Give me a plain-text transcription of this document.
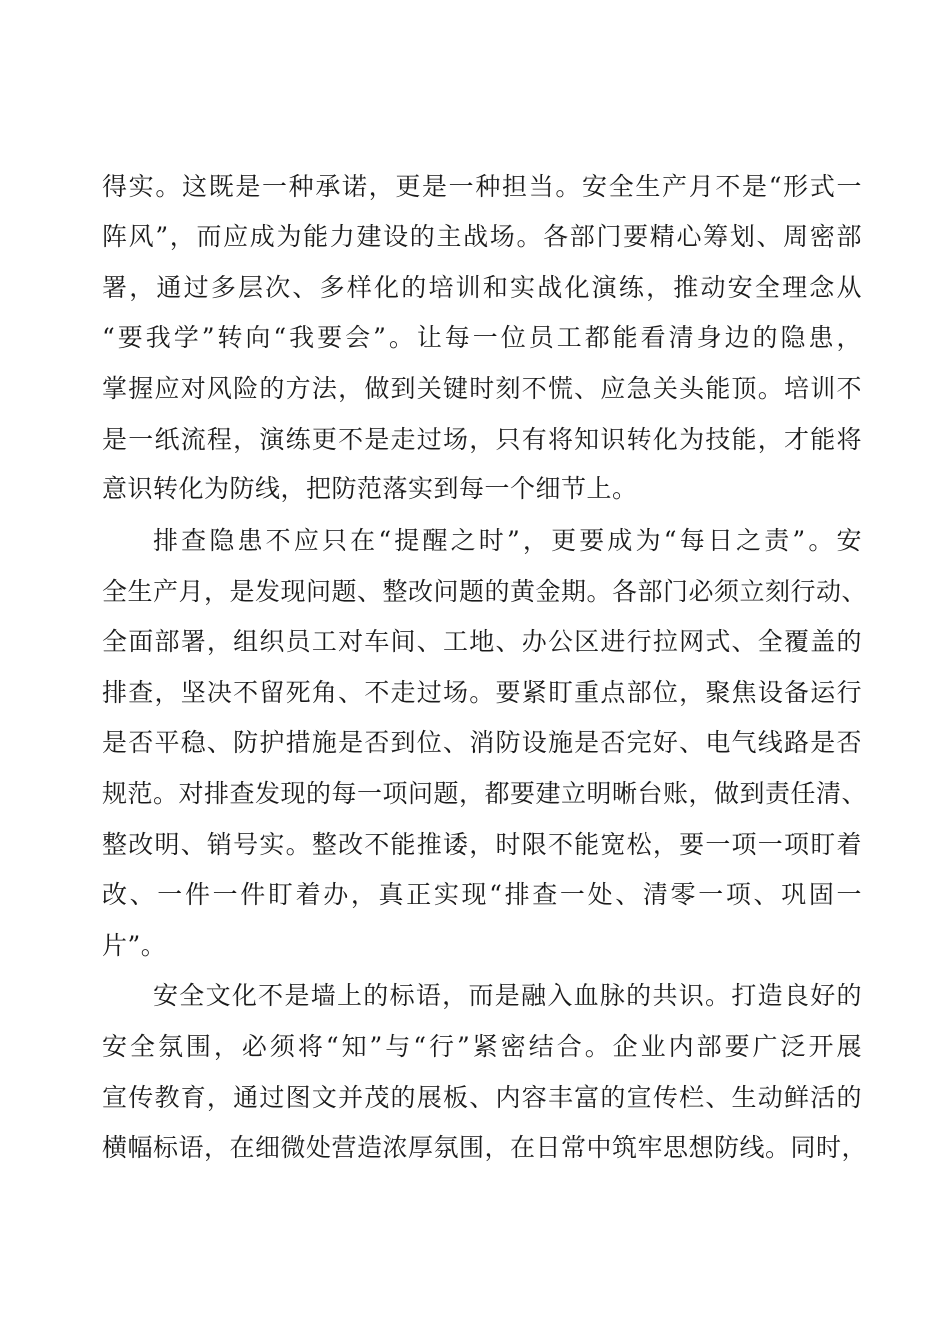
得实。这既是一种承诺，更是一种担当。安全生产月不是“形式一
阵风”，而应成为能力建设的主战场。各部门要精心筹划、周密部
署，通过多层次、多样化的培训和实战化演练，推动安全理念从
“要我学”转向“我要会”。让每一位员工都能看清身边的隐患，
掌握应对风险的方法，做到关键时刻不慌、应急关头能顶。培训不
是一纸流程，演练更不是走过场，只有将知识转化为技能，才能将
意识转化为防线，把防范落实到每一个细节上。
排查隐患不应只在“提醒之时”，更要成为“每日之责”。安
全生产月，是发现问题、整改问题的黄金期。各部门必须立刻行动、
全面部署，组织员工对车间、工地、办公区进行拉网式、全覆盖的
排查，坚决不留死角、不走过场。要紧盯重点部位，聚焦设备运行
是否平稳、防护措施是否到位、消防设施是否完好、电气线路是否
规范。对排查发现的每一项问题，都要建立明晰台账，做到责任清、
整改明、销号实。整改不能推诿，时限不能宽松，要一项一项盯着
改、一件一件盯着办，真正实现“排查一处、清零一项、巩固一
片”。
安全文化不是墙上的标语，而是融入血脉的共识。打造良好的
安全氛围，必须将“知”与“行”紧密结合。企业内部要广泛开展
宣传教育，通过图文并茂的展板、内容丰富的宣传栏、生动鲜活的
横幅标语，在细微处营造浓厚氛围，在日常中筑牢思想防线。同时，
